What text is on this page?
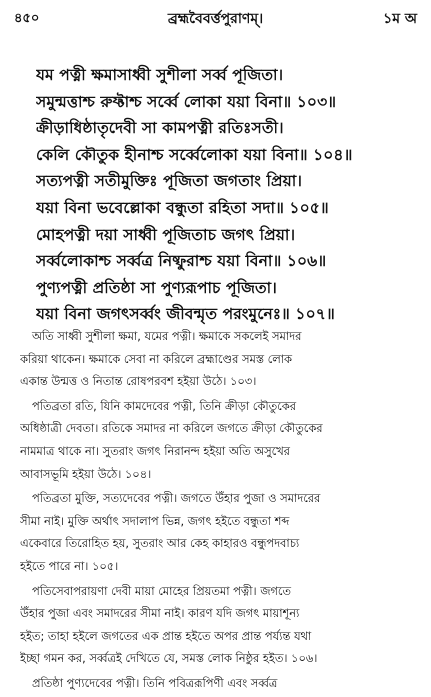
৪৫০	ব্রহ্মবৈবর্ত্তপুরাণম্‌।	১ম অ
যম পত্নী ক্ষমাসাধ্বী সুশীলা সর্ব্ব পূজিতা।
সমুন্মত্তাশ্চ রুফ্টাশ্চ সর্ব্বে লোকা যয়া বিনা॥ ১০৩॥
ক্রীড়াধিষ্ঠাতৃদেবী সা কামপত্নী রতিঃসতী।
কেলি কৌতুক হীনাশ্চ সর্ব্বেলোকা যয়া বিনা॥ ১০৪॥
সত্যপত্নী সতীমুক্তিঃ পূজিতা জগতাং প্রিয়া।
যয়া বিনা ভবেল্লোকা বন্ধুতা রহিতা সদা॥ ১০৫॥
মোহপত্নী দয়া সাধ্বী পূজিতাচ জগৎ প্রিয়া।
সর্ব্বলোকাশ্চ সর্ব্বত্র নিষ্ফুরাশ্চ যয়া বিনা॥ ১০৬॥
পুণ্যপত্নী প্রতিষ্ঠা সা পুণ্যরূপাচ পূজিতা।
যয়া বিনা জগৎসর্ব্বং জীবন্মৃত পরংমুনেঃ॥ ১০৭॥
অতি সাধ্বী সুশীলা ক্ষমা, যমের পত্নী। ক্ষমাকে সকলেই সমাদর
করিয়া থাকেন। ক্ষমাকে সেবা না করিলে ব্রহ্মাণ্ডের সমস্ত লোক
একান্ত উন্মত্ত ও নিতান্ত রোষপরবশ হইয়া উঠে। ১০৩।
পতিব্রতা রতি, যিনি কামদেবের পত্নী, তিনি ক্রীড়া কৌতুকের
অধিষ্ঠাত্রী দেবতা। রতিকে সমাদর না করিলে জগতে ক্রীড়া কৌতুকের
নামমাত্র থাকে না। সুতরাং জগৎ নিরানন্দ হইয়া অতি অসুখের
আবাসভূমি হইয়া উঠে। ১০৪।
পতিব্রতা মুক্তি, সত্যদেবের পত্নী। জগতে উঁহার পুজা ও সমাদরের
সীমা নাই। মুক্তি অর্থাৎ সদালাপ ভিন্ন, জগৎ হইতে বন্ধুতা শব্দ
একেবারে তিরোহিত হয়, সুতরাং আর কেহ কাহারও বন্ধুপদবাচ্য
হইতে পারে না। ১০৫।
পতিসেবাপরায়ণা দেবী মায়া মোহের প্রিয়তমা পত্নী। জগতে
উঁহার পুজা এবং সমাদরের সীমা নাই। কারণ যদি জগৎ মায়াশূন্য
হইত; তাহা হইলে জগতের এক প্রান্ত হইতে অপর প্রান্ত পর্য্যন্ত যথা
ইচ্ছা গমন কর, সর্ব্বত্রই দেখিতে যে, সমস্ত লোক নিষ্ঠুর হইত। ১০৬।
প্রতিষ্ঠা পুণ্যদেবের পত্নী। তিনি পবিত্ররূপিণী এবং সর্ব্বত্র
